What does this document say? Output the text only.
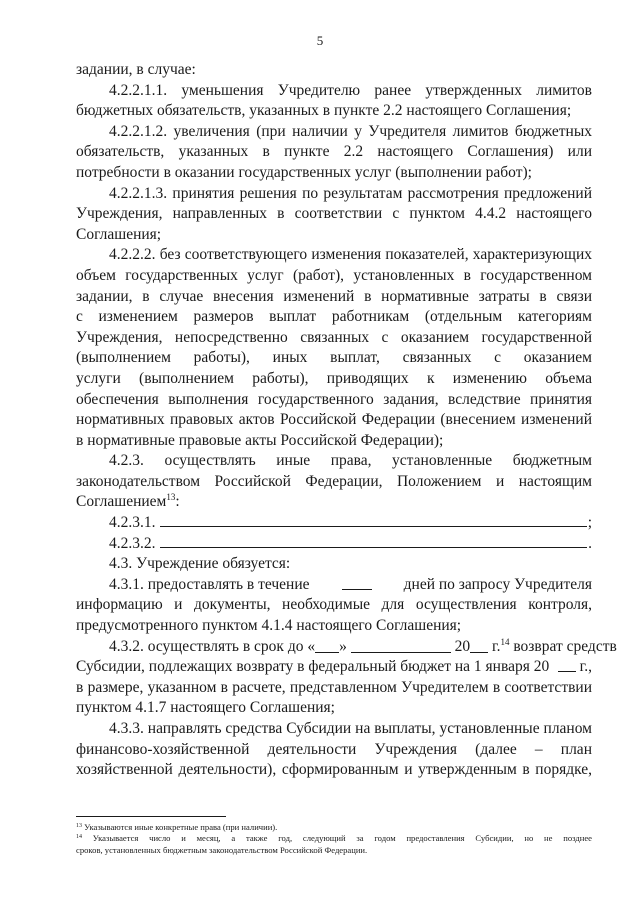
5
задании, в случае:
4.2.2.1.1. уменьшения Учредителю ранее утвержденных лимитов
бюджетных обязательств, указанных в пункте 2.2 настоящего Соглашения;
4.2.2.1.2. увеличения (при наличии у Учредителя лимитов бюджетных
обязательств, указанных в пункте 2.2 настоящего Соглашения) или
потребности в оказании государственных услуг (выполнении работ);
4.2.2.1.3. принятия решения по результатам рассмотрения предложений
Учреждения, направленных в соответствии с пунктом 4.4.2 настоящего
Соглашения;
4.2.2.2. без соответствующего изменения показателей, характеризующих
объем государственных услуг (работ), установленных в государственном
задании, в случае внесения изменений в нормативные затраты в связи
с изменением размеров выплат работникам (отдельным категориям
Учреждения, непосредственно связанных с оказанием государственной
(выполнением работы), иных выплат, связанных с оказанием
услуги (выполнением работы), приводящих к изменению объема
обеспечения выполнения государственного задания, вследствие принятия
нормативных правовых актов Российской Федерации (внесением изменений
в нормативные правовые акты Российской Федерации);
4.2.3. осуществлять иные права, установленные бюджетным
законодательством Российской Федерации, Положением и настоящим
Соглашением$^{13}$:
4.2.3.1.	;
4.2.3.2.	.
4.3. Учреждение обязуется:
4.3.1. предоставлять в течение	дней по запросу Учредителя
информацию и документы, необходимые для осуществления контроля,
предусмотренного пунктом 4.1.4 настоящего Соглашения;
4.3.2. осуществлять в срок до « »	20 г.$^{14}$ возврат средств
Субсидии, подлежащих возврату в федеральный бюджет на 1 января 20
г.,
в размере, указанном в расчете, представленном Учредителем в соответствии
пунктом 4.1.7 настоящего Соглашения;
4.3.3. направлять средства Субсидии на выплаты, установленные планом
финансово-хозяйственной деятельности Учреждения (далее – план
хозяйственной деятельности), сформированным и утвержденным в порядке,
$^{13}$ Указываются иные конкретные права (при наличии).
$^{14}$ Указывается число и месяц, а также год, следующий за годом предоставления Субсидии, но не позднее
сроков, установленных бюджетным законодательством Российской Федерации.
